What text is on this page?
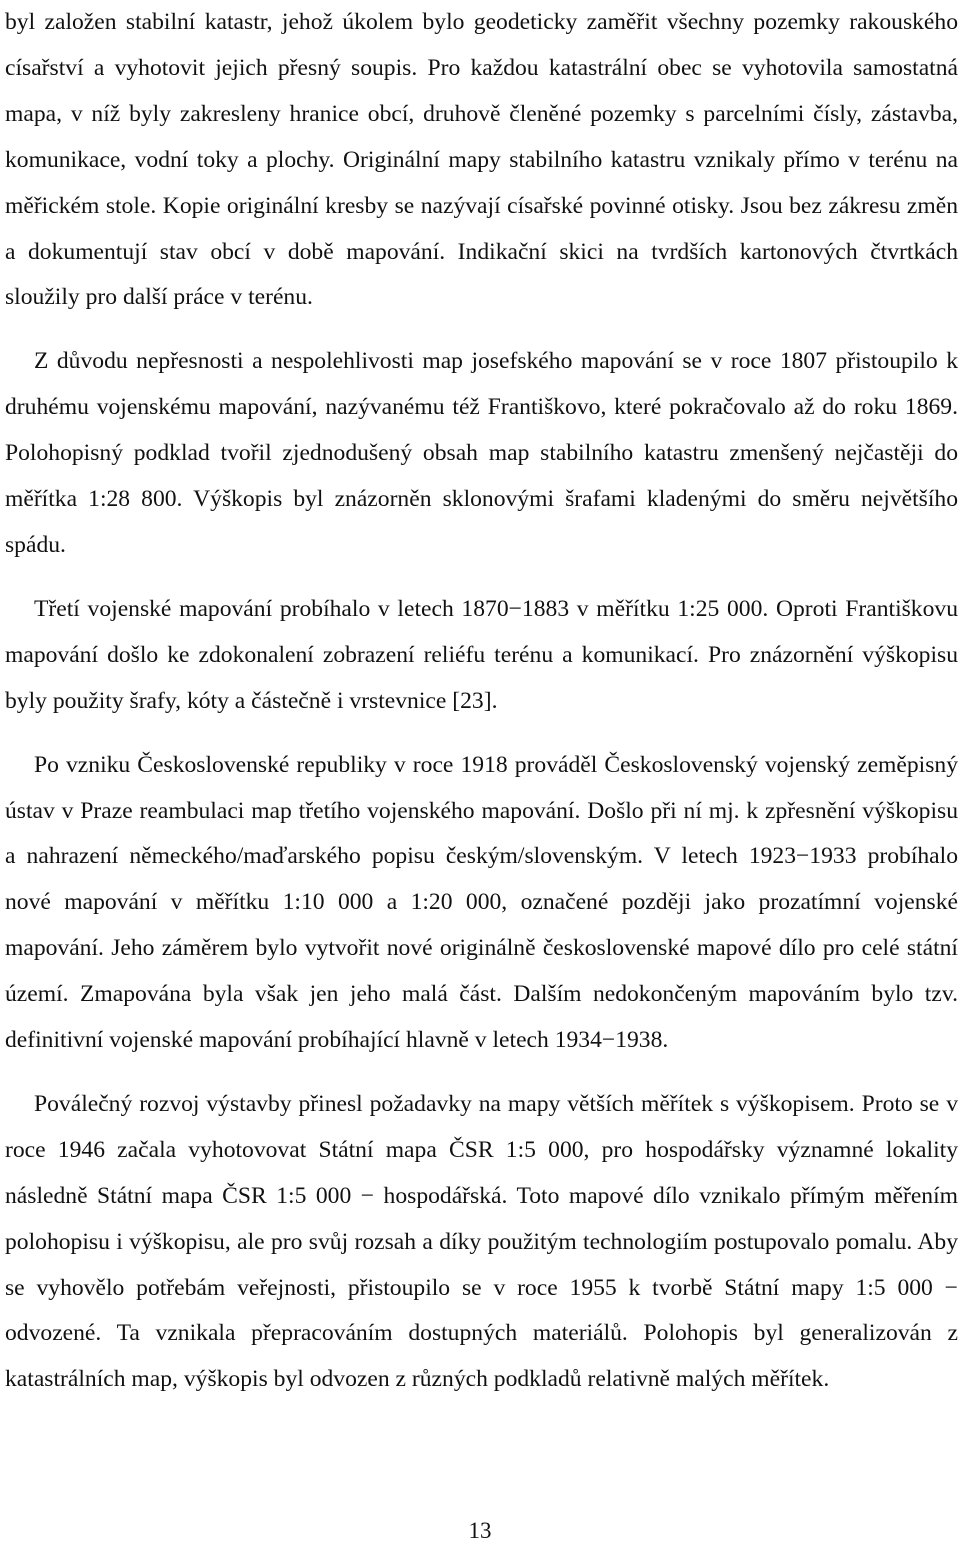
byl založen stabilní katastr, jehož úkolem bylo geodeticky zaměřit všechny pozemky rakouského císařství a vyhotovit jejich přesný soupis. Pro každou katastrální obec se vyhotovila samostatná mapa, v níž byly zakresleny hranice obcí, druhově členěné pozemky s parcelními čísly, zástavba, komunikace, vodní toky a plochy. Originální mapy stabilního katastru vznikaly přímo v terénu na měřickém stole. Kopie originální kresby se nazývají císařské povinné otisky. Jsou bez zákresu změn a dokumentují stav obcí v době mapování. Indikační skici na tvrdších kartonových čtvrtkách sloužily pro další práce v terénu.

Z důvodu nepřesnosti a nespolehlivosti map josefského mapování se v roce 1807 přistoupilo k druhému vojenskému mapování, nazývanému též Františkovo, které pokračovalo až do roku 1869. Polohopisný podklad tvořil zjednodušený obsah map stabilního katastru zmenšený nejčastěji do měřítka 1:28 800. Výškopis byl znázorněn sklonovými šrafami kladenými do směru největšího spádu.

Třetí vojenské mapování probíhalo v letech 1870−1883 v měřítku 1:25 000. Oproti Františkovu mapování došlo ke zdokonalení zobrazení reliéfu terénu a komunikací. Pro znázornění výškopisu byly použity šrafy, kóty a částečně i vrstevnice [23].

Po vzniku Československé republiky v roce 1918 prováděl Československý vojenský zeměpisný ústav v Praze reambulaci map třetího vojenského mapování. Došlo při ní mj. k zpřesnění výškopisu a nahrazení německého/maďarského popisu českým/slovenským. V letech 1923−1933 probíhalo nové mapování v měřítku 1:10 000 a 1:20 000, označené později jako prozatímní vojenské mapování. Jeho záměrem bylo vytvořit nové originálně československé mapové dílo pro celé státní území. Zmapována byla však jen jeho malá část. Dalším nedokončeným mapováním bylo tzv. definitivní vojenské mapování probíhající hlavně v letech 1934−1938.

Poválečný rozvoj výstavby přinesl požadavky na mapy větších měřítek s výškopisem. Proto se v roce 1946 začala vyhotovovat Státní mapa ČSR 1:5 000, pro hospodářsky významné lokality následně Státní mapa ČSR 1:5 000 − hospodářská. Toto mapové dílo vznikalo přímým měřením polohopisu i výškopisu, ale pro svůj rozsah a díky použitým technologiím postupovalo pomalu. Aby se vyhovělo potřebám veřejnosti, přistoupilo se v roce 1955 k tvorbě Státní mapy 1:5 000 − odvozené. Ta vznikala přepracováním dostupných materiálů. Polohopis byl generalizován z katastrálních map, výškopis byl odvozen z různých podkladů relativně malých měřítek.

13
